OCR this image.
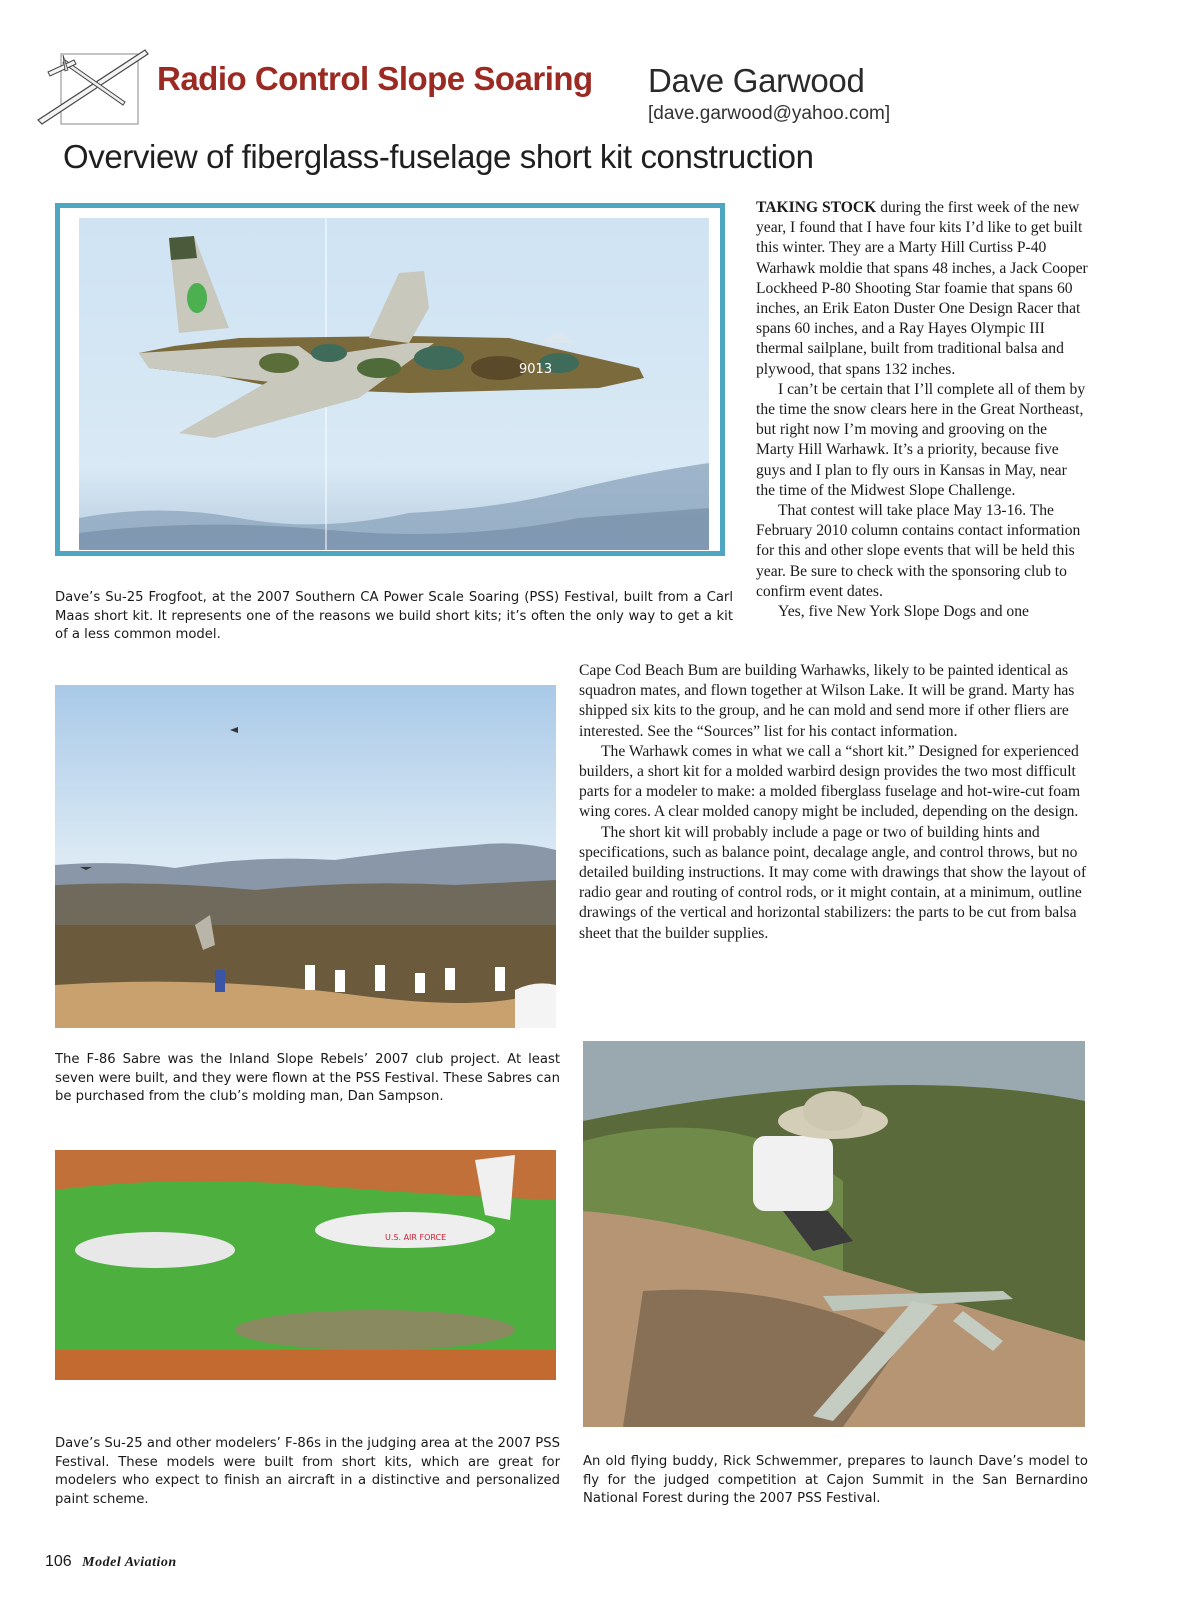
Radio Control Slope Soaring Dave Garwood
[dave.garwood@yahoo.com]
Overview of fiberglass-fuselage short kit construction
9013
Dave’s Su-25 Frogfoot, at the 2007 Southern CA Power Scale Soaring (PSS) Festival, built from a Carl Maas short kit. It represents one of the reasons we build short kits; it’s often the only way to get a kit of a less common model.

TAKING STOCK during the first week of the new year, I found that I have four kits I’d like to get built this winter. They are a Marty Hill Curtiss P-40 Warhawk moldie that spans 48 inches, a Jack Cooper Lockheed P-80 Shooting Star foamie that spans 60 inches, an Erik Eaton Duster One Design Racer that spans 60 inches, and a Ray Hayes Olympic III thermal sailplane, built from traditional balsa and plywood, that spans 132 inches.

I can’t be certain that I’ll complete all of them by the time the snow clears here in the Great Northeast, but right now I’m moving and grooving on the Marty Hill Warhawk. It’s a priority, because five guys and I plan to fly ours in Kansas in May, near the time of the Midwest Slope Challenge.

That contest will take place May 13-16. The February 2010 column contains contact information for this and other slope events that will be held this year. Be sure to check with the sponsoring club to confirm event dates.

Yes, five New York Slope Dogs and one

The F-86 Sabre was the Inland Slope Rebels’ 2007 club project. At least seven were built, and they were flown at the PSS Festival. These Sabres can be purchased from the club’s molding man, Dan Sampson.

Cape Cod Beach Bum are building Warhawks, likely to be painted identical as squadron mates, and flown together at Wilson Lake. It will be grand. Marty has shipped six kits to the group, and he can mold and send more if other fliers are interested. See the “Sources” list for his contact information.

The Warhawk comes in what we call a “short kit.” Designed for experienced builders, a short kit for a molded warbird design provides the two most difficult parts for a modeler to make: a molded fiberglass fuselage and hot-wire-cut foam wing cores. A clear molded canopy might be included, depending on the design.

The short kit will probably include a page or two of building hints and specifications, such as balance point, decalage angle, and control throws, but no detailed building instructions. It may come with drawings that show the layout of radio gear and routing of control rods, or it might contain, at a minimum, outline drawings of the vertical and horizontal stabilizers: the parts to be cut from balsa sheet that the builder supplies.

U.S. AIR FORCE
Dave’s Su-25 and other modelers’ F-86s in the judging area at the 2007 PSS Festival. These models were built from short kits, which are great for modelers who expect to finish an aircraft in a distinctive and personalized paint scheme.
An old flying buddy, Rick Schwemmer, prepares to launch Dave’s model to fly for the judged competition at Cajon Summit in the San Bernardino National Forest during the 2007 PSS Festival.
106 Model Aviation
